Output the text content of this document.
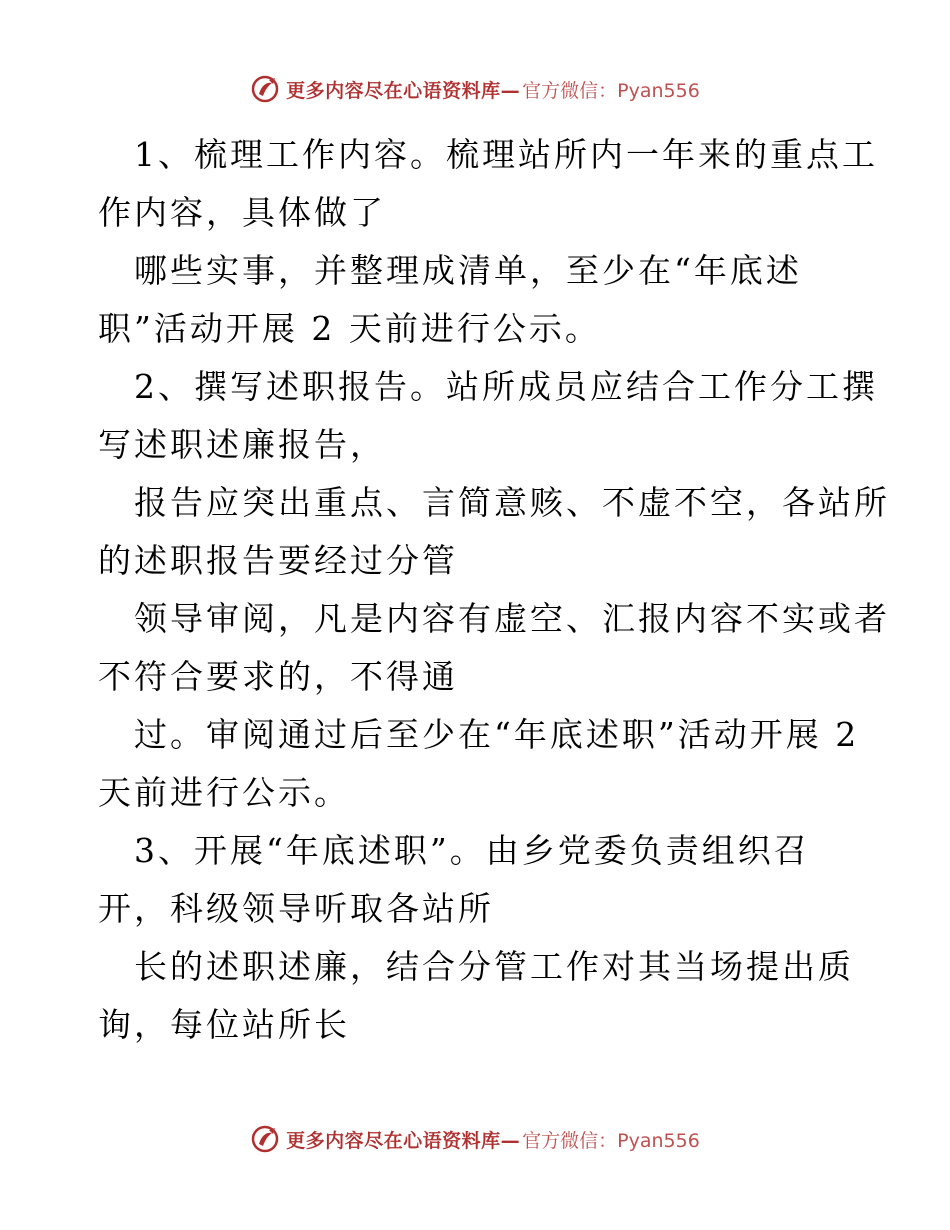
更多内容尽在心语资料库— 官方微信：Pyan556
1、梳理工作内容。梳理站所内一年来的重点工
作内容，具体做了
哪些实事，并整理成清单，至少在“年底述
职”活动开展 2 天前进行公示。
2、撰写述职报告。站所成员应结合工作分工撰
写述职述廉报告，
报告应突出重点、言简意赅、不虚不空，各站所
的述职报告要经过分管
领导审阅，凡是内容有虚空、汇报内容不实或者
不符合要求的，不得通
过。审阅通过后至少在“年底述职”活动开展 2
天前进行公示。
3、开展“年底述职”。由乡党委负责组织召
开，科级领导听取各站所
长的述职述廉，结合分管工作对其当场提出质
询，每位站所长
更多内容尽在心语资料库— 官方微信：Pyan556
